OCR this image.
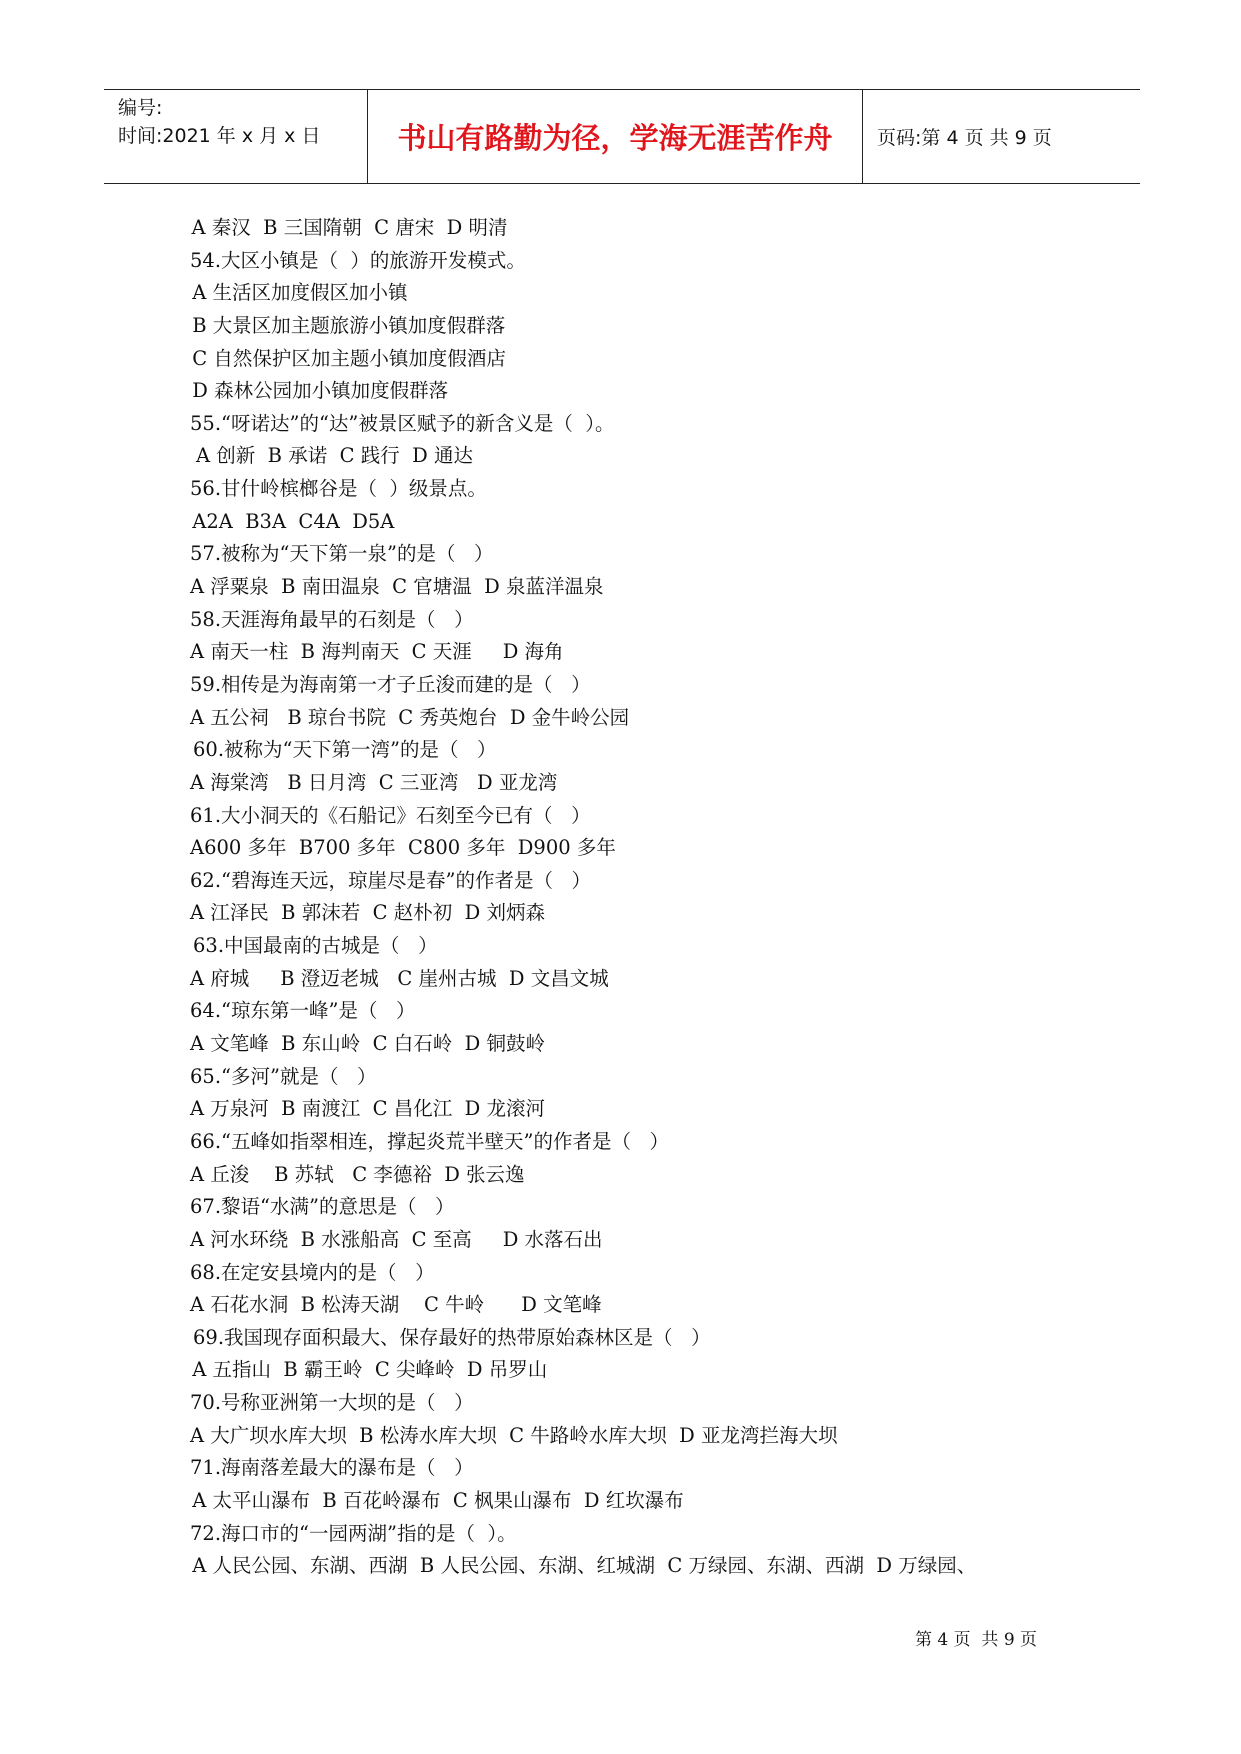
编号:
时间:2021 年 x 月 x 日	书山有路勤为径，学海无涯苦作舟	页码:第 4 页 共 9 页
A 秦汉  B 三国隋朝  C 唐宋  D 明清
54.大区小镇是（  ）的旅游开发模式。
A 生活区加度假区加小镇
B 大景区加主题旅游小镇加度假群落
C 自然保护区加主题小镇加度假酒店
D 森林公园加小镇加度假群落
55.“呀诺达”的“达”被景区赋予的新含义是（  ）。
A 创新  B 承诺  C 践行  D 通达
56.甘什岭槟榔谷是（  ）级景点。
A2A  B3A  C4A  D5A
57.被称为“天下第一泉”的是（   ）
A 浮粟泉  B 南田温泉  C 官塘温  D 泉蓝洋温泉
58.天涯海角最早的石刻是（   ）
A 南天一柱  B 海判南天  C 天涯     D 海角
59.相传是为海南第一才子丘浚而建的是（   ）
A 五公祠   B 琼台书院  C 秀英炮台  D 金牛岭公园
60.被称为“天下第一湾”的是（   ）
A 海棠湾   B 日月湾  C 三亚湾   D 亚龙湾
61.大小洞天的《石船记》石刻至今已有（   ）
A600 多年  B700 多年  C800 多年  D900 多年
62.“碧海连天远，琼崖尽是春”的作者是（   ）
A 江泽民  B 郭沫若  C 赵朴初  D 刘炳森
63.中国最南的古城是（   ）
A 府城     B 澄迈老城   C 崖州古城  D 文昌文城
64.“琼东第一峰”是（   ）
A 文笔峰  B 东山岭  C 白石岭  D 铜鼓岭
65.“多河”就是（   ）
A 万泉河  B 南渡江  C 昌化江  D 龙滚河
66.“五峰如指翠相连，撑起炎荒半壁天”的作者是（   ）
A 丘浚    B 苏轼   C 李德裕  D 张云逸
67.黎语“水满”的意思是（   ）
A 河水环绕  B 水涨船高  C 至高     D 水落石出
68.在定安县境内的是（   ）
A 石花水洞  B 松涛天湖    C 牛岭      D 文笔峰
69.我国现存面积最大、保存最好的热带原始森林区是（   ）
A 五指山  B 霸王岭  C 尖峰岭  D 吊罗山
70.号称亚洲第一大坝的是（   ）
A 大广坝水库大坝  B 松涛水库大坝  C 牛路岭水库大坝  D 亚龙湾拦海大坝
71.海南落差最大的瀑布是（   ）
A 太平山瀑布  B 百花岭瀑布  C 枫果山瀑布  D 红坎瀑布
72.海口市的“一园两湖”指的是（  ）。
A 人民公园、东湖、西湖  B 人民公园、东湖、红城湖  C 万绿园、东湖、西湖  D 万绿园、
第 4 页  共 9 页
